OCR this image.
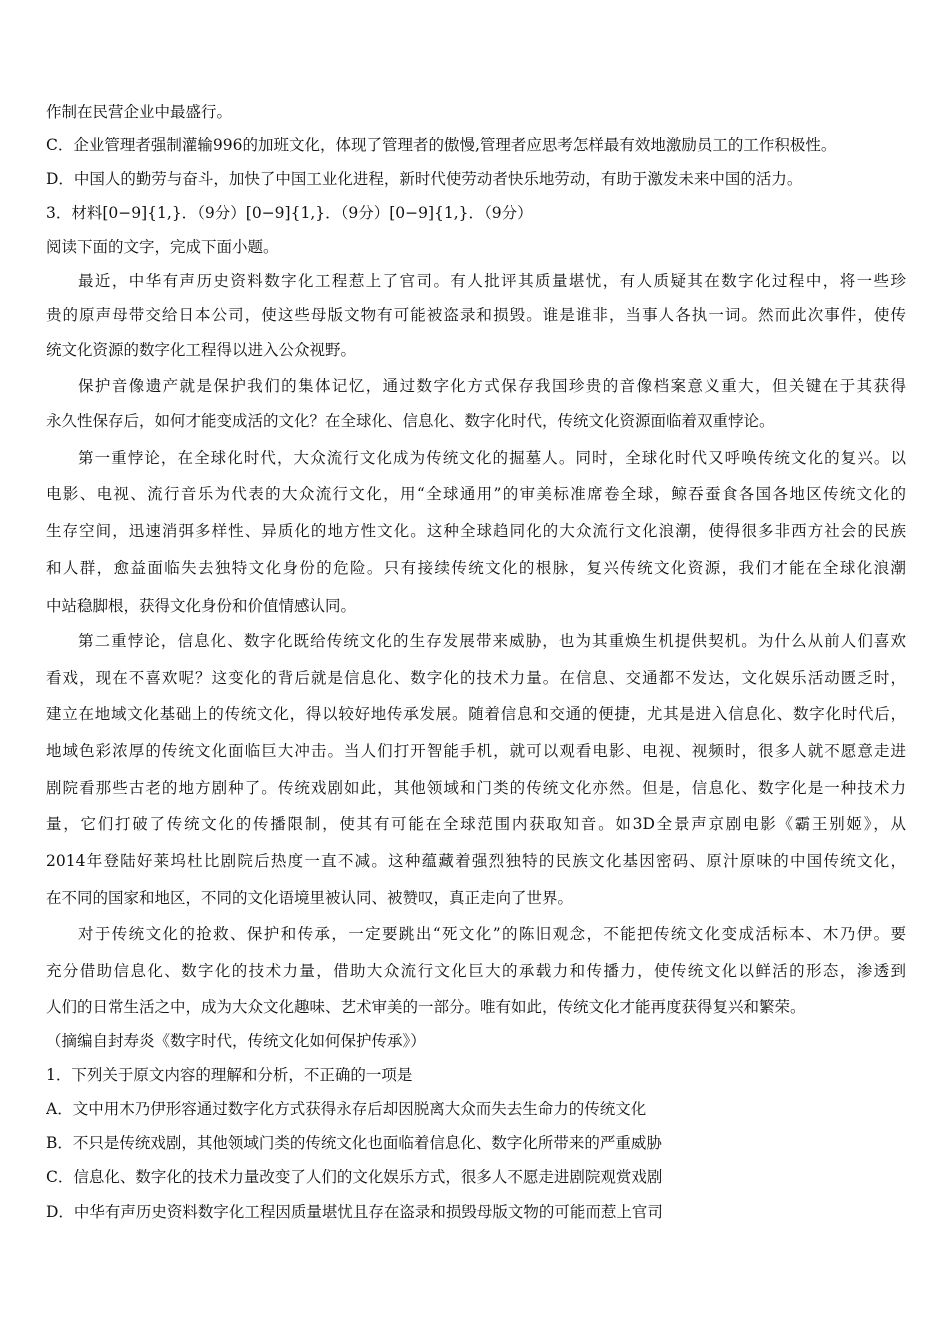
作制在民营企业中最盛行。

C．企业管理者强制灌输996的加班文化，体现了管理者的傲慢,管理者应思考怎样最有效地激励员工的工作积极性。

D．中国人的勤劳与奋斗，加快了中国工业化进程，新时代使劳动者快乐地劳动，有助于激发未来中国的活力。

3．材料[0−9]{1,}．（9分）[0−9]{1,}．（9分）[0−9]{1,}．（9分）

阅读下面的文字，完成下面小题。

最近，中华有声历史资料数字化工程惹上了官司。有人批评其质量堪忧，有人质疑其在数字化过程中，将一些珍

贵的原声母带交给日本公司，使这些母版文物有可能被盗录和损毁。谁是谁非，当事人各执一词。然而此次事件，使传

统文化资源的数字化工程得以进入公众视野。

保护音像遗产就是保护我们的集体记忆，通过数字化方式保存我国珍贵的音像档案意义重大，但关键在于其获得

永久性保存后，如何才能变成活的文化？在全球化、信息化、数字化时代，传统文化资源面临着双重悖论。

第一重悖论，在全球化时代，大众流行文化成为传统文化的掘墓人。同时，全球化时代又呼唤传统文化的复兴。以

电影、电视、流行音乐为代表的大众流行文化，用“全球通用”的审美标准席卷全球，鲸吞蚕食各国各地区传统文化的

生存空间，迅速消弭多样性、异质化的地方性文化。这种全球趋同化的大众流行文化浪潮，使得很多非西方社会的民族

和人群，愈益面临失去独特文化身份的危险。只有接续传统文化的根脉，复兴传统文化资源，我们才能在全球化浪潮

中站稳脚根，获得文化身份和价值情感认同。

第二重悖论，信息化、数字化既给传统文化的生存发展带来威胁，也为其重焕生机提供契机。为什么从前人们喜欢

看戏，现在不喜欢呢？这变化的背后就是信息化、数字化的技术力量。在信息、交通都不发达，文化娱乐活动匮乏时，

建立在地域文化基础上的传统文化，得以较好地传承发展。随着信息和交通的便捷，尤其是进入信息化、数字化时代后，

地域色彩浓厚的传统文化面临巨大冲击。当人们打开智能手机，就可以观看电影、电视、视频时，很多人就不愿意走进

剧院看那些古老的地方剧种了。传统戏剧如此，其他领域和门类的传统文化亦然。但是，信息化、数字化是一种技术力

量，它们打破了传统文化的传播限制，使其有可能在全球范围内获取知音。如3D全景声京剧电影《霸王别姬》，从

2014年登陆好莱坞杜比剧院后热度一直不减。这种蕴藏着强烈独特的民族文化基因密码、原汁原味的中国传统文化，

在不同的国家和地区，不同的文化语境里被认同、被赞叹，真正走向了世界。

对于传统文化的抢救、保护和传承，一定要跳出“死文化”的陈旧观念，不能把传统文化变成活标本、木乃伊。要

充分借助信息化、数字化的技术力量，借助大众流行文化巨大的承载力和传播力，使传统文化以鲜活的形态，渗透到

人们的日常生活之中，成为大众文化趣味、艺术审美的一部分。唯有如此，传统文化才能再度获得复兴和繁荣。

（摘编自封寿炎《数字时代，传统文化如何保护传承》）

1．下列关于原文内容的理解和分析，不正确的一项是

A．文中用木乃伊形容通过数字化方式获得永存后却因脱离大众而失去生命力的传统文化

B．不只是传统戏剧，其他领域门类的传统文化也面临着信息化、数字化所带来的严重威胁

C．信息化、数字化的技术力量改变了人们的文化娱乐方式，很多人不愿走进剧院观赏戏剧

D．中华有声历史资料数字化工程因质量堪忧且存在盗录和损毁母版文物的可能而惹上官司
